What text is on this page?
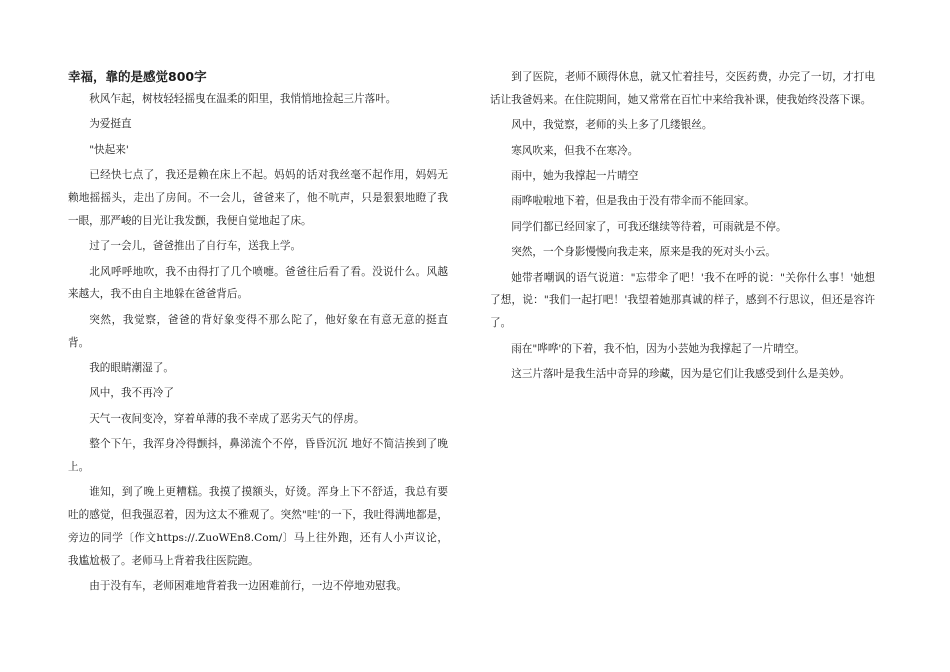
幸福，靠的是感觉800字

秋风乍起，树枝轻轻摇曳在温柔的阳里，我悄悄地捡起三片落叶。

为爱挺直

"快起来'

已经快七点了，我还是赖在床上不起。妈妈的话对我丝毫不起作用，妈妈无赖地摇摇头，走出了房间。不一会儿，爸爸来了，他不吭声，只是狠狠地瞪了我一眼，那严峻的目光让我发颤，我便自觉地起了床。

过了一会儿，爸爸推出了自行车，送我上学。

北风呼呼地吹，我不由得打了几个喷嚏。爸爸往后看了看。没说什么。风越来越大，我不由自主地躲在爸爸背后。

突然，我觉察，爸爸的背好象变得不那么陀了，他好象在有意无意的挺直背。

我的眼睛潮湿了。

风中，我不再冷了

天气一夜间变冷，穿着单薄的我不幸成了恶劣天气的俘虏。

整个下午，我浑身冷得颤抖，鼻涕流个不停，昏昏沉沉 地好不简洁挨到了晚上。

谁知，到了晚上更糟糕。我摸了摸额头，好烫。浑身上下不舒适，我总有要吐的感觉，但我强忍着，因为这太不雅观了。突然"哇'的一下，我吐得满地都是，旁边的同学〔作文https://.ZuoWEn8.Com/〕马上往外跑，还有人小声议论，我尴尬极了。老师马上背着我往医院跑。

由于没有车，老师困难地背着我一边困难前行，一边不停地劝慰我。

到了医院，老师不顾得休息，就又忙着挂号，交医药费，办完了一切，才打电话让我爸妈来。在住院期间，她又常常在百忙中来给我补课，使我始终没落下课。

风中，我觉察，老师的头上多了几缕银丝。

寒风吹来，但我不在寒冷。

雨中，她为我撑起一片晴空

雨哗啦啦地下着，但是我由于没有带伞而不能回家。

同学们都已经回家了，可我还继续等待着，可雨就是不停。

突然，一个身影慢慢向我走来，原来是我的死对头小云。

她带者嘲讽的语气说道："忘带伞了吧！'我不在呼的说："关你什么事！'她想了想，说："我们一起打吧！'我望着她那真诚的样子，感到不行思议，但还是容许了。

雨在"哗哗'的下着，我不怕，因为小芸她为我撑起了一片晴空。

这三片落叶是我生活中奇异的珍藏，因为是它们让我感受到什么是美妙。
